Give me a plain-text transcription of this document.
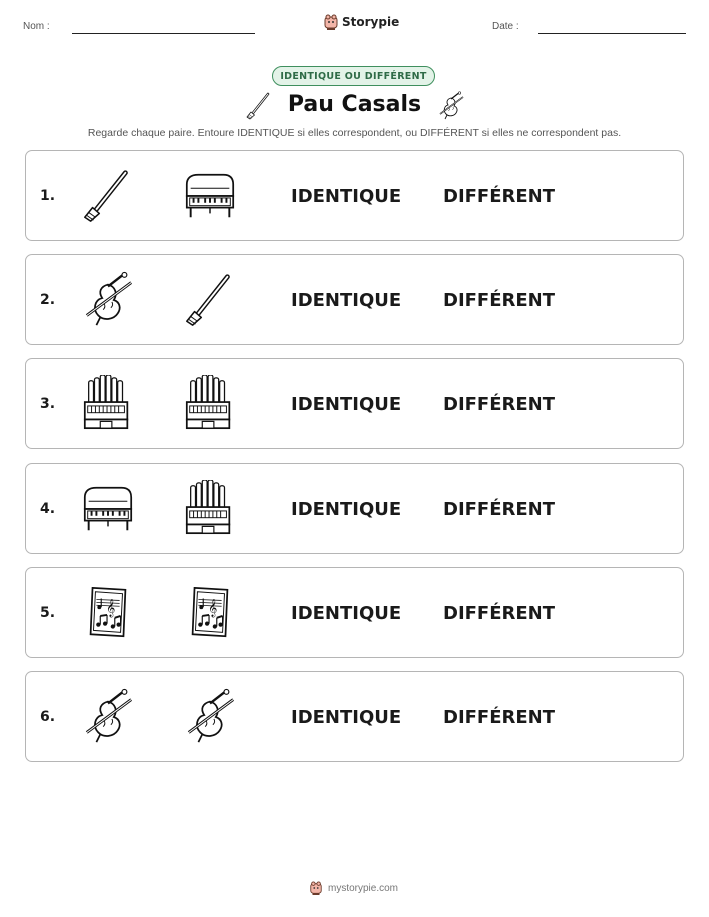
Nom :	Storypie	Date :
IDENTIQUE OU DIFFÉRENT
Pau Casals
Regarde chaque paire. Entoure IDENTIQUE si elles correspondent, ou DIFFÉRENT si elles ne correspondent pas.
1.	IDENTIQUE DIFFÉRENT
2.	IDENTIQUE DIFFÉRENT
3.	IDENTIQUE DIFFÉRENT
4.	IDENTIQUE DIFFÉRENT
5.	IDENTIQUE DIFFÉRENT
6.	IDENTIQUE DIFFÉRENT
mystorypie.com
